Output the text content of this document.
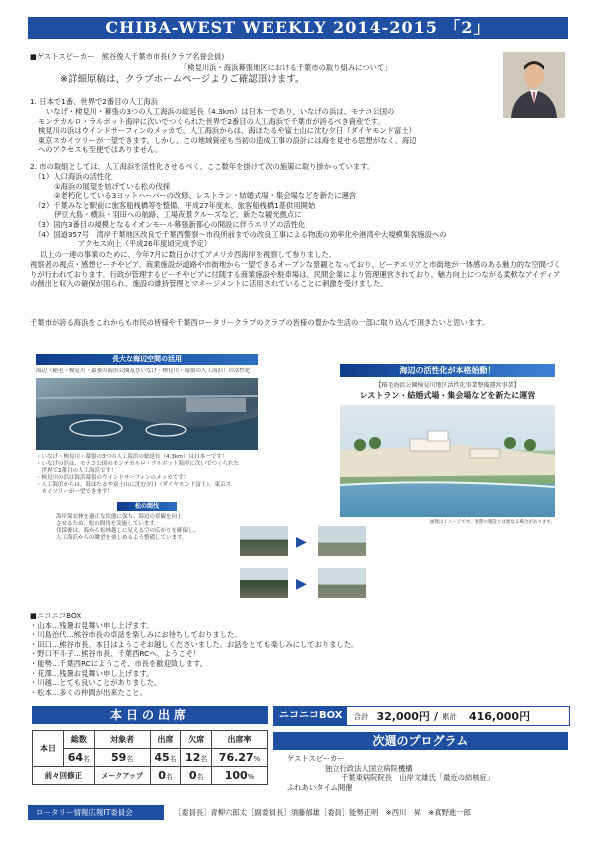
CHIBA-WEST WEEKLY 2014-2015 「2」
■ゲストスピーカー　熊谷俊人千葉市市長(クラブ名誉会員)
「検見川浜・海浜幕張地区における千葉市の取り組みについて」
※詳細原稿は、クラブホームページよりご確認頂けます。
1. 日本で1番、世界で2番目の人工海浜
いなげ・検見川・幕張の3つの人工海浜の総延長（4.3km）は日本一であり、いなげの浜は、モナコ公国の
モンテカルロ・ラルボット海岸に次いでつくられた世界で2番目の人工海浜で千葉市が誇るべき資産です。
検見川の浜はウインドサーフィンのメッカで、人工海浜からは、海ほたるや富士山に沈む夕日（ダイヤモンド富士）
東京スカイツリーが一望できます。しかし、この地域資産も当初の造成工事の設計には海を見せる思想がなく、海辺
へのアクセスも至便ではありません。
2. 市の取組としては、人工海浜を活性化させるべく、ここ数年を掛けて次の施策に取り掛かっています。
（1）人口海浜の活性化
①海浜の展望を妨げている松の伐採
②老朽化している3ヨットハーバーの改修、レストラン・結婚式場・集会場などを新たに運営
（2）千葉みなと駅前に旅客船桟橋等を整備、平成27年度末、旅客船桟橋1基供用開始
伊豆大島・横浜・羽田への航路、工場夜景クルーズなど、新たな観光拠点に
（3）国内3番目の規模となるイオンモール幕張新都心の開設に伴うエリアの活性化
（4）国道357号　湾岸千葉地区改良で千葉西警察～市役所前までの改良工事による物流の効率化や港湾や大規模集客施設への
アクセス向上（平成26年度頃完成予定）
以上の一連の事業のために、今年7月に数日かけてアメリカ西海岸を視察して参りました。
視察者の視点・感想ビーチやピア、商業施設が道路や市街地から一望できるオープンな景観となっており、ビーチエリアと市街地が一体感のある魅力的な空間づくりが行われております。行政が管理するビーチやピアに付随する商業施設や駐車場は、民間企業により管理運営されており、魅力向上につながる柔軟なアイディアの創出と収入の確保が図られ、施設の維持管理とマネージメントに活用されていることに刺激を受けました。
千葉市が誇る海浜をこれからも市民の皆様や千葉西ロータリークラブのクラブの皆様の豊かな生活の一部に取り込んで頂きたいと思います。
長大な海辺空間の活用
海辺（稲毛・検見川・幕張の海浜公園及びいなげ・検見川・幕張の人工海浜）の活性化
・いなげ・検見川・幕張の3つの人工海浜の総延長（4.3km）は日本一です！
・いなげの浜は、モナコ公国のモンテカルロ・ラルボット海岸に次いでつくられた
　世界で2番目の人工海浜です！
・検見川の浜は海浜幕張のウインドサーフィンのメッカです！
・人工海浜からは、海ほたるや富士山に沈む夕日（ダイヤモンド富士）、東京ス
　カイツリーが一望できます！
松の間伐
海岸保安林を適正な状態に保ち、海辺の景観を向上
させるため、松の間伐を実施しています。
伐採後は、海から松林越しに見える空の広がりを確保し、
人工海浜からの眺望を楽しめるよう整備しています。	▶
▶
海辺の活性化が本格始動！
【稲毛海浜公園検見川地区活性化事業整備運営事業】
レストラン・結婚式場・集会場などを新たに運営
画像はイメージです。実際の施設とは異なる場合があります。
■ニコニコBOX
・山本…残暑お見舞い申し上げます。
・川島治代…熊谷市長の卓話を楽しみにお待ちしておりました。
・田口…熊谷市長、本日はようこそお越しくださいました。お話をとても楽しみにしておりました。
・野口不斗子…熊谷市長、千葉西RCへ、ようこそ！
・能勢…千葉西RCにようこそ、市長を歓迎致します。
・花澤…残暑お見舞い申し上げます。
・川越…とても良いことがありました。
・松本…多くの仲間が出来たこと。
本日の出席
本日	総数	対象者	出席	欠席	出席率
	64名	59名	45名	12名	76.27%
前々回修正		メークアップ	0名	0名	100%
ニコニコBOX	合計 32,000円 / 累計 416,000円
次週のプログラム
ゲストスピーカー
独立行政法人国立病院機構
千葉東病院院長　山岸文雄氏「最近の結核症」
ふれあいタイム開催
ロータリー情報広報IT委員会	［委員長］青柳六郎太［副委員長］須藤郁雄［委員］能勢正明　※西川　昇　※真野進一郎
